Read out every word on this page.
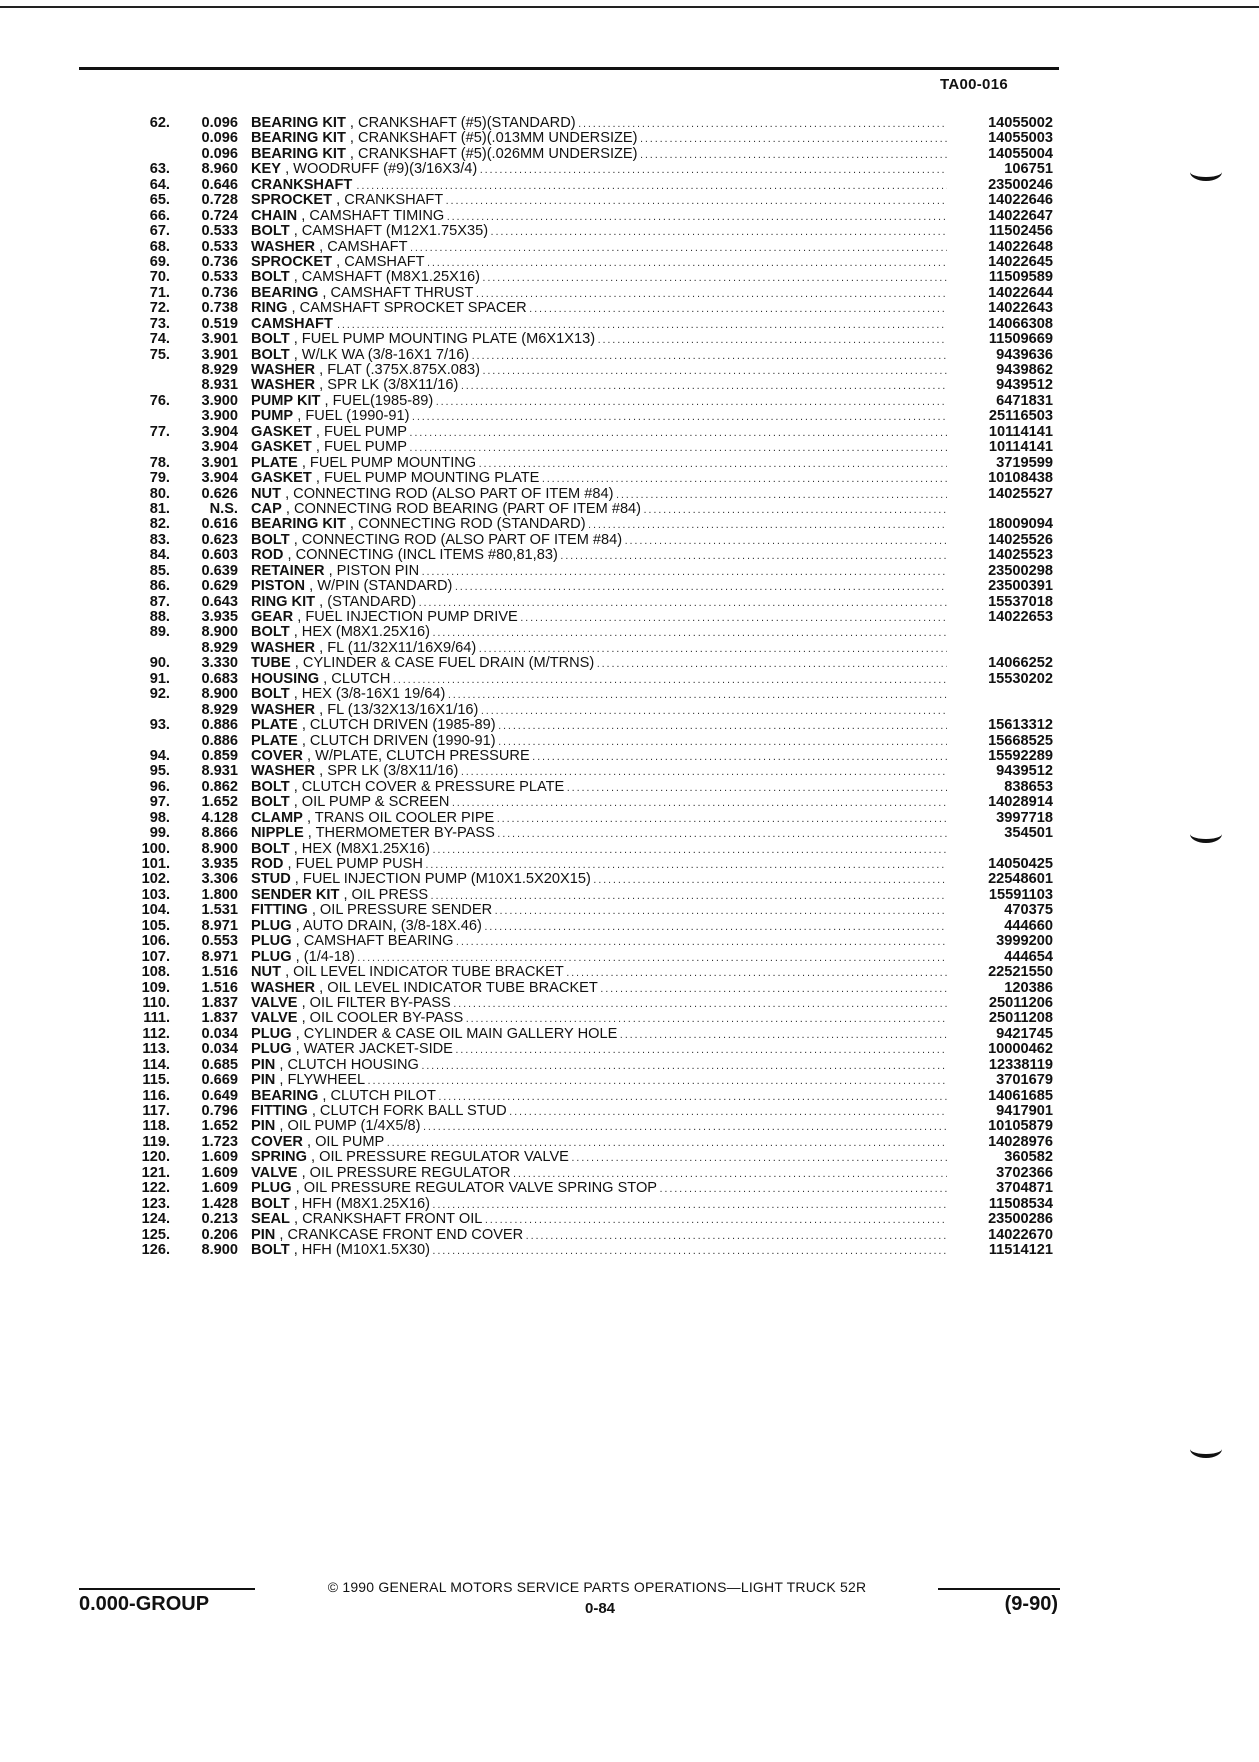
TA00-016
62.	0.096 BEARING KIT , CRANKSHAFT (#5)(STANDARD) . . .	14055002
0.096 BEARING KIT , CRANKSHAFT (#5)(.013MM UNDERSIZE) . . .	14055003
0.096 BEARING KIT , CRANKSHAFT (#5)(.026MM UNDERSIZE) . . .	14055004
63.	8.960 KEY , WOODRUFF (#9)(3/16X3/4) . . .	106751
64.	0.646 CRANKSHAFT . . .	23500246
65.	0.728 SPROCKET , CRANKSHAFT . . .	14022646
66.	0.724 CHAIN , CAMSHAFT TIMING . . .	14022647
67.	0.533 BOLT , CAMSHAFT (M12X1.75X35) . . .	11502456
68.	0.533 WASHER , CAMSHAFT . . .	14022648
69.	0.736 SPROCKET , CAMSHAFT . . .	14022645
70.	0.533 BOLT , CAMSHAFT (M8X1.25X16) . . .	11509589
71.	0.736 BEARING , CAMSHAFT THRUST . . .	14022644
72.	0.738 RING , CAMSHAFT SPROCKET SPACER . . .	14022643
73.	0.519 CAMSHAFT . . .	14066308
74.	3.901 BOLT , FUEL PUMP MOUNTING PLATE (M6X1X13) . . .	11509669
75.	3.901 BOLT , W/LK WA (3/8-16X1 7/16) . . .	9439636
8.929 WASHER , FLAT (.375X.875X.083) . . .	9439862
8.931 WASHER , SPR LK (3/8X11/16) . . .	9439512
76.	3.900 PUMP KIT , FUEL(1985-89) . . .	6471831
3.900 PUMP , FUEL (1990-91) . . .	25116503
77.	3.904 GASKET , FUEL PUMP . . .	10114141
3.904 GASKET , FUEL PUMP . . .	10114141
78.	3.901 PLATE , FUEL PUMP MOUNTING . . .	3719599
79.	3.904 GASKET , FUEL PUMP MOUNTING PLATE . . .	10108438
80.	0.626 NUT , CONNECTING ROD (ALSO PART OF ITEM #84) . . .	14025527
81.	N.S. CAP , CONNECTING ROD BEARING (PART OF ITEM #84) . . .
82.	0.616 BEARING KIT , CONNECTING ROD (STANDARD) . . .	18009094
83.	0.623 BOLT , CONNECTING ROD (ALSO PART OF ITEM #84) . . .	14025526
84.	0.603 ROD , CONNECTING (INCL ITEMS #80,81,83) . . .	14025523
85.	0.639 RETAINER , PISTON PIN . . .	23500298
86.	0.629 PISTON , W/PIN (STANDARD) . . .	23500391
87.	0.643 RING KIT , (STANDARD) . . .	15537018
88.	3.935 GEAR , FUEL INJECTION PUMP DRIVE . . .	14022653
89.	8.900 BOLT , HEX (M8X1.25X16) . . .
8.929 WASHER , FL (11/32X11/16X9/64) . . .
90.	3.330 TUBE , CYLINDER & CASE FUEL DRAIN (M/TRNS) . . .	14066252
91.	0.683 HOUSING , CLUTCH . . .	15530202
92.	8.900 BOLT , HEX (3/8-16X1 19/64) . . .
8.929 WASHER , FL (13/32X13/16X1/16) . . .
93.	0.886 PLATE , CLUTCH DRIVEN (1985-89) . . .	15613312
0.886 PLATE , CLUTCH DRIVEN (1990-91) . . .	15668525
94.	0.859 COVER , W/PLATE, CLUTCH PRESSURE . . .	15592289
95.	8.931 WASHER , SPR LK (3/8X11/16) . . .	9439512
96.	0.862 BOLT , CLUTCH COVER & PRESSURE PLATE . . .	838653
97.	1.652 BOLT , OIL PUMP & SCREEN . . .	14028914
98.	4.128 CLAMP , TRANS OIL COOLER PIPE . . .	3997718
99.	8.866 NIPPLE , THERMOMETER BY-PASS . . .	354501
100.	8.900 BOLT , HEX (M8X1.25X16) . . .
101.	3.935 ROD , FUEL PUMP PUSH . . .	14050425
102.	3.306 STUD , FUEL INJECTION PUMP (M10X1.5X20X15) . . .	22548601
103.	1.800 SENDER KIT , OIL PRESS . . .	15591103
104.	1.531 FITTING , OIL PRESSURE SENDER . . .	470375
105.	8.971 PLUG , AUTO DRAIN, (3/8-18X.46) . . .	444660
106.	0.553 PLUG , CAMSHAFT BEARING . . .	3999200
107.	8.971 PLUG , (1/4-18) . . .	444654
108.	1.516 NUT , OIL LEVEL INDICATOR TUBE BRACKET . . .	22521550
109.	1.516 WASHER , OIL LEVEL INDICATOR TUBE BRACKET . . .	120386
110.	1.837 VALVE , OIL FILTER BY-PASS . . .	25011206
111.	1.837 VALVE , OIL COOLER BY-PASS . . .	25011208
112.	0.034 PLUG , CYLINDER & CASE OIL MAIN GALLERY HOLE . . .	9421745
113.	0.034 PLUG , WATER JACKET-SIDE . . .	10000462
114.	0.685 PIN , CLUTCH HOUSING . . .	12338119
115.	0.669 PIN , FLYWHEEL . . .	3701679
116.	0.649 BEARING , CLUTCH PILOT . . .	14061685
117.	0.796 FITTING , CLUTCH FORK BALL STUD . . .	9417901
118.	1.652 PIN , OIL PUMP (1/4X5/8) . . .	10105879
119.	1.723 COVER , OIL PUMP . . .	14028976
120.	1.609 SPRING , OIL PRESSURE REGULATOR VALVE . . .	360582
121.	1.609 VALVE , OIL PRESSURE REGULATOR . . .	3702366
122.	1.609 PLUG , OIL PRESSURE REGULATOR VALVE SPRING STOP . . .	3704871
123.	1.428 BOLT , HFH (M8X1.25X16) . . .	11508534
124.	0.213 SEAL , CRANKSHAFT FRONT OIL . . .	23500286
125.	0.206 PIN , CRANKCASE FRONT END COVER . . .	14022670
126.	8.900 BOLT , HFH (M10X1.5X30) . . .	11514121
© 1990 GENERAL MOTORS SERVICE PARTS OPERATIONS—LIGHT TRUCK 52R
0.000-GROUP	0-84	(9-90)
